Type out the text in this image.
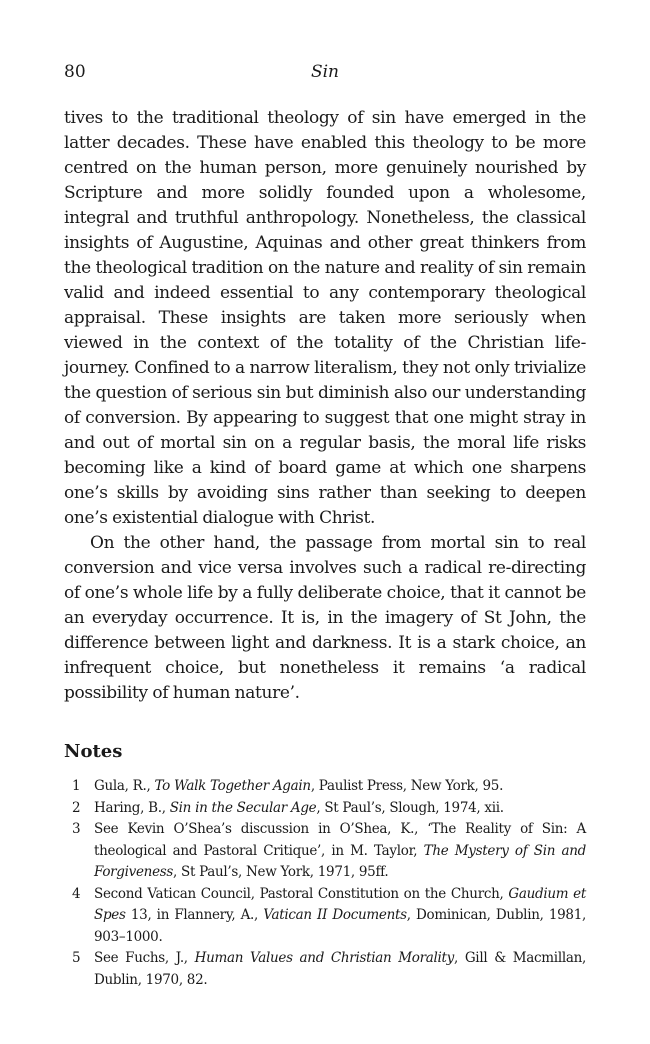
80	Sin

tives to the traditional theology of sin have emerged in the latter decades. These have enabled this theology to be more centred on the human person, more genuinely nourished by Scripture and more solidly founded upon a wholesome, integral and truthful anthropology. Nonetheless, the classical insights of Augustine, Aquinas and other great thinkers from the theological tradition on the nature and reality of sin remain valid and indeed essential to any contemporary theological appraisal. These insights are taken more seriously when viewed in the context of the totality of the Christian life-journey. Confined to a narrow literalism, they not only trivialize the question of serious sin but diminish also our understanding of conversion. By appearing to suggest that one might stray in and out of mortal sin on a regular basis, the moral life risks becoming like a kind of board game at which one sharpens one’s skills by avoiding sins rather than seeking to deepen one’s existential dialogue with Christ.

On the other hand, the passage from mortal sin to real conversion and vice versa involves such a radical re-directing of one’s whole life by a fully deliberate choice, that it cannot be an everyday occurrence. It is, in the imagery of St John, the difference between light and darkness. It is a stark choice, an infrequent choice, but nonetheless it remains ‘a radical possibility of human nature’.

Notes
1 Gula, R., To Walk Together Again, Paulist Press, New York, 95.
2 Haring, B., Sin in the Secular Age, St Paul’s, Slough, 1974, xii.
3 See Kevin O’Shea’s discussion in O’Shea, K., ‘The Reality of Sin: A theological and Pastoral Critique’, in M. Taylor, The Mystery of Sin and Forgiveness, St Paul’s, New York, 1971, 95ff.
4 Second Vatican Council, Pastoral Constitution on the Church, Gaudium et Spes 13, in Flannery, A., Vatican II Documents, Dominican, Dublin, 1981, 903–1000.
5 See Fuchs, J., Human Values and Christian Morality, Gill & Macmillan, Dublin, 1970, 82.
